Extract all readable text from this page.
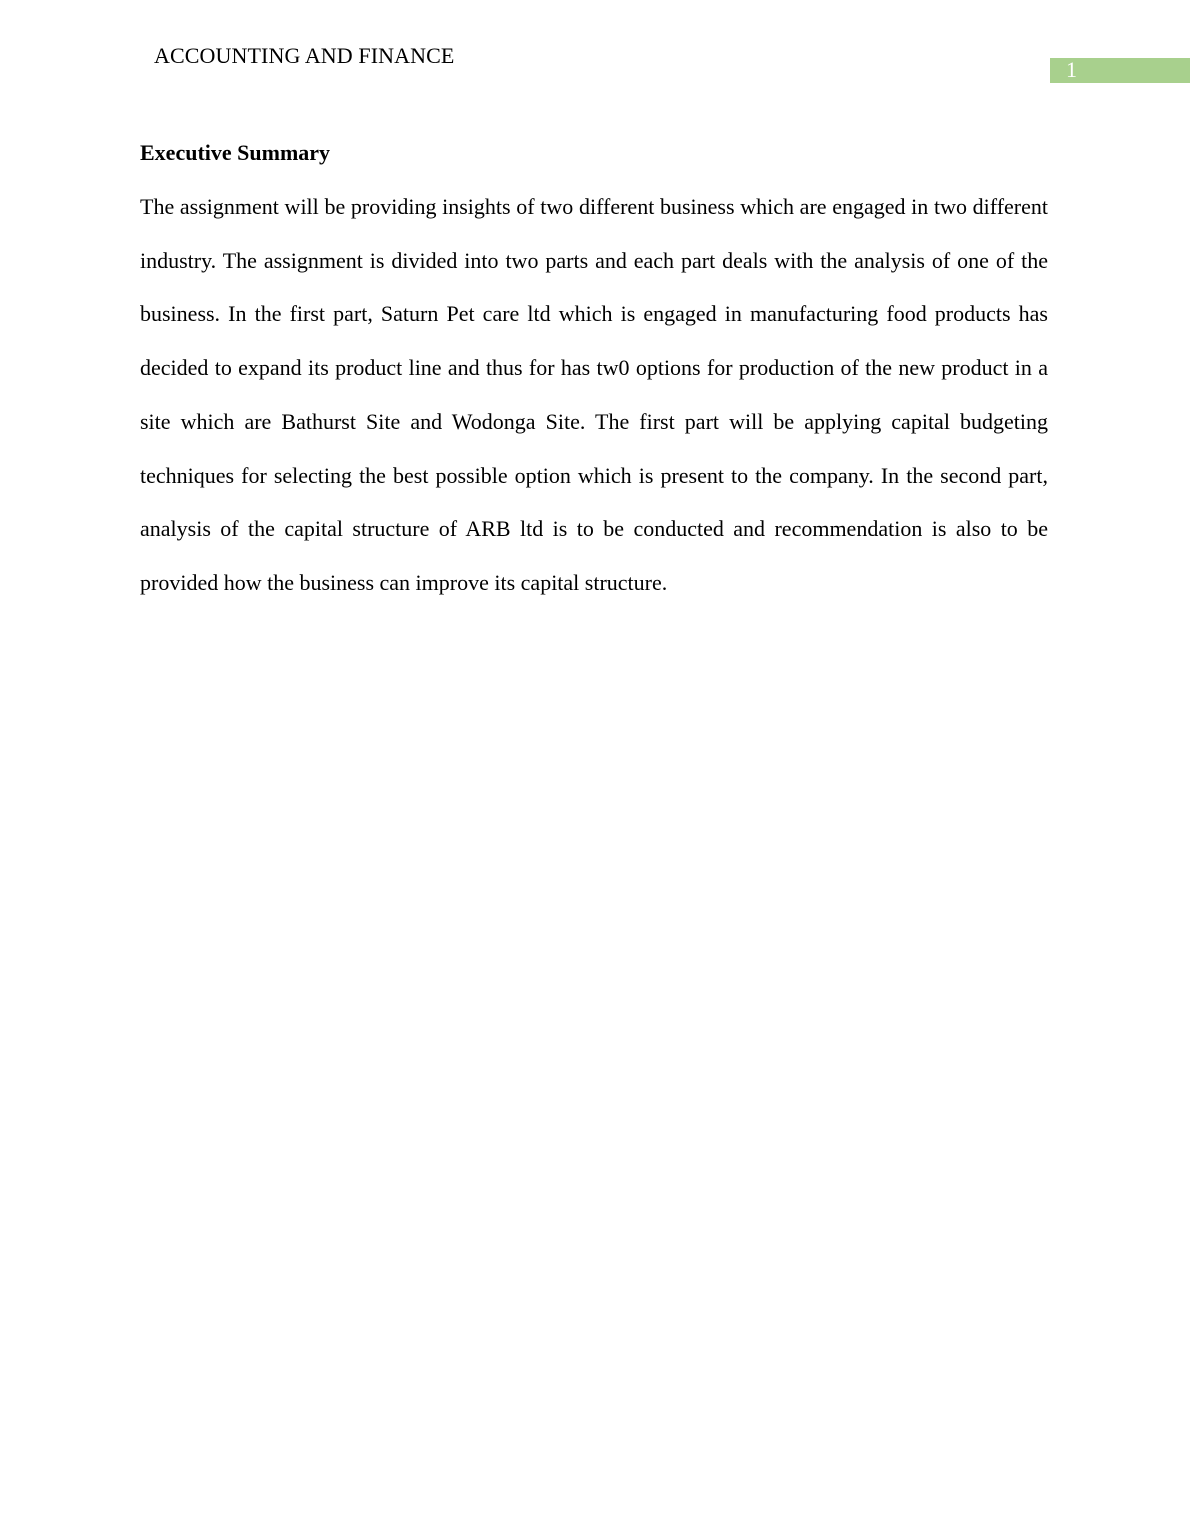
ACCOUNTING AND FINANCE
1
Executive Summary

The assignment will be providing insights of two different business which are engaged in two different industry. The assignment is divided into two parts and each part deals with the analysis of one of the business. In the first part, Saturn Pet care ltd which is engaged in manufacturing food products has decided to expand its product line and thus for has tw0 options for production of the new product in a site which are Bathurst Site and Wodonga Site. The first part will be applying capital budgeting techniques for selecting the best possible option which is present to the company. In the second part, analysis of the capital structure of ARB ltd is to be conducted and recommendation is also to be provided how the business can improve its capital structure.
